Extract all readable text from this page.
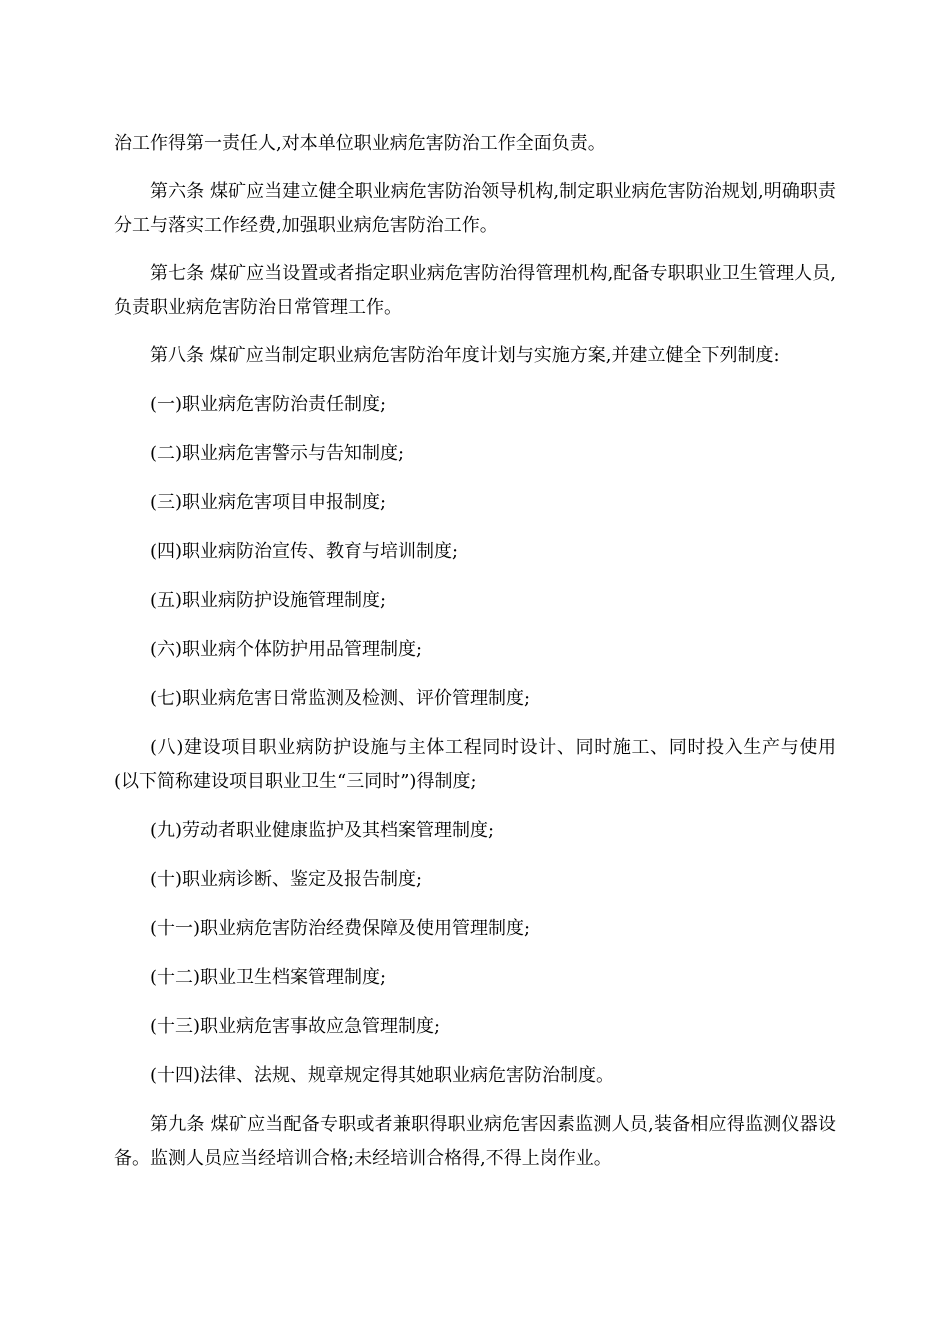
治工作得第一责任人,对本单位职业病危害防治工作全面负责。

第六条 煤矿应当建立健全职业病危害防治领导机构,制定职业病危害防治规划,明确职责分工与落实工作经费,加强职业病危害防治工作。

第七条 煤矿应当设置或者指定职业病危害防治得管理机构,配备专职职业卫生管理人员,负责职业病危害防治日常管理工作。

第八条 煤矿应当制定职业病危害防治年度计划与实施方案,并建立健全下列制度:

(一)职业病危害防治责任制度;

(二)职业病危害警示与告知制度;

(三)职业病危害项目申报制度;

(四)职业病防治宣传、教育与培训制度;

(五)职业病防护设施管理制度;

(六)职业病个体防护用品管理制度;

(七)职业病危害日常监测及检测、评价管理制度;

(八)建设项目职业病防护设施与主体工程同时设计、同时施工、同时投入生产与使用(以下简称建设项目职业卫生“三同时”)得制度;

(九)劳动者职业健康监护及其档案管理制度;

(十)职业病诊断、鉴定及报告制度;

(十一)职业病危害防治经费保障及使用管理制度;

(十二)职业卫生档案管理制度;

(十三)职业病危害事故应急管理制度;

(十四)法律、法规、规章规定得其她职业病危害防治制度。

第九条 煤矿应当配备专职或者兼职得职业病危害因素监测人员,装备相应得监测仪器设备。监测人员应当经培训合格;未经培训合格得,不得上岗作业。
